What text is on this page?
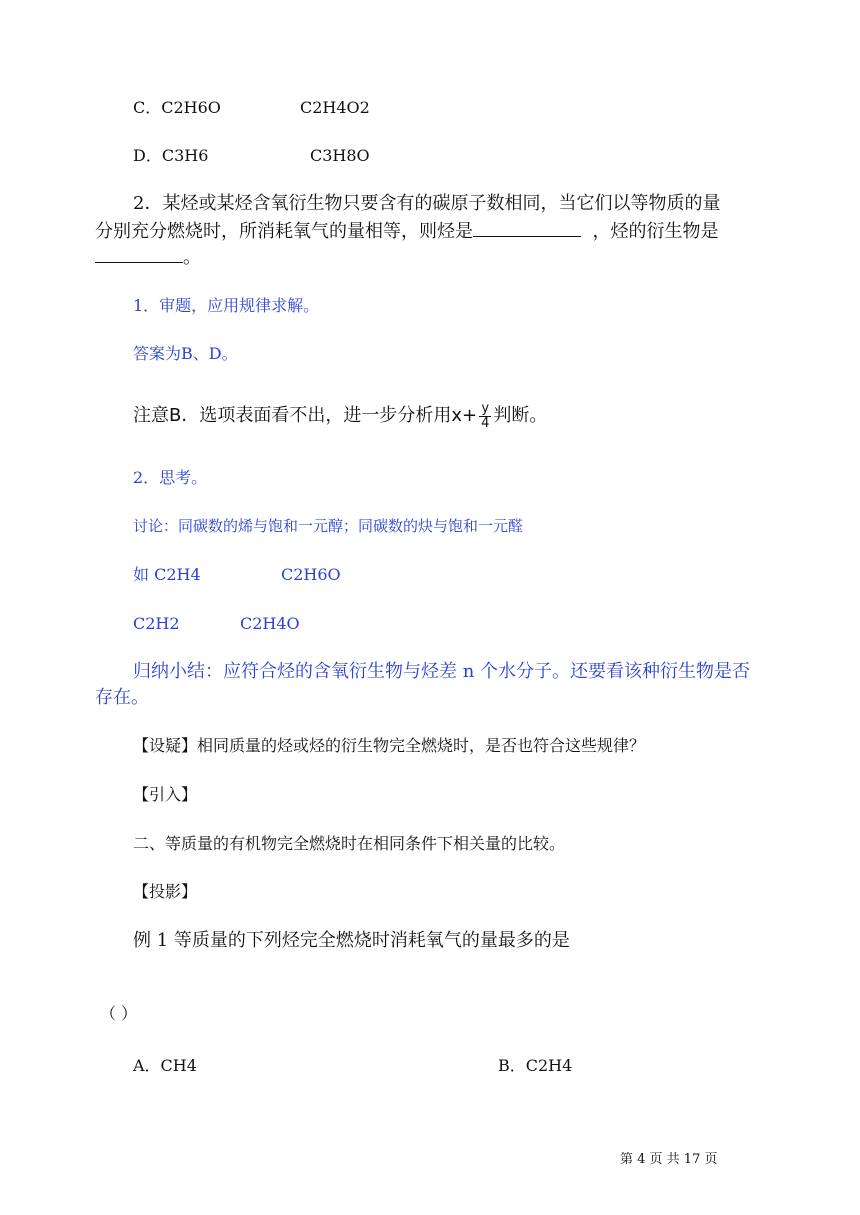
C．C2H6O	C2H4O2
D．C3H6	C3H8O
2．某烃或某烃含氧衍生物只要含有的碳原子数相同，当它们以等物质的量
分别充分燃烧时，所消耗氧气的量相等，则烃是	，烃的衍生物是
。
1．审题，应用规律求解。
答案为B、D。
注意B．选项表面看不出，进一步分析用$x+ \frac{y}{4}$ 判断。
2．思考。
讨论：同碳数的烯与饱和一元醇；同碳数的炔与饱和一元醛
如 C2H4	C2H6O
C2H2	C2H4O
归纳小结：应符合烃的含氧衍生物与烃差 n 个水分子。还要看该种衍生物是否
存在。
【设疑】相同质量的烃或烃的衍生物完全燃烧时，是否也符合这些规律？
【引入】
二、等质量的有机物完全燃烧时在相同条件下相关量的比较。
【投影】
例 1 等质量的下列烃完全燃烧时消耗氧气的量最多的是
（ ）
A．CH4	B．C2H4
第 4 页 共 17 页
